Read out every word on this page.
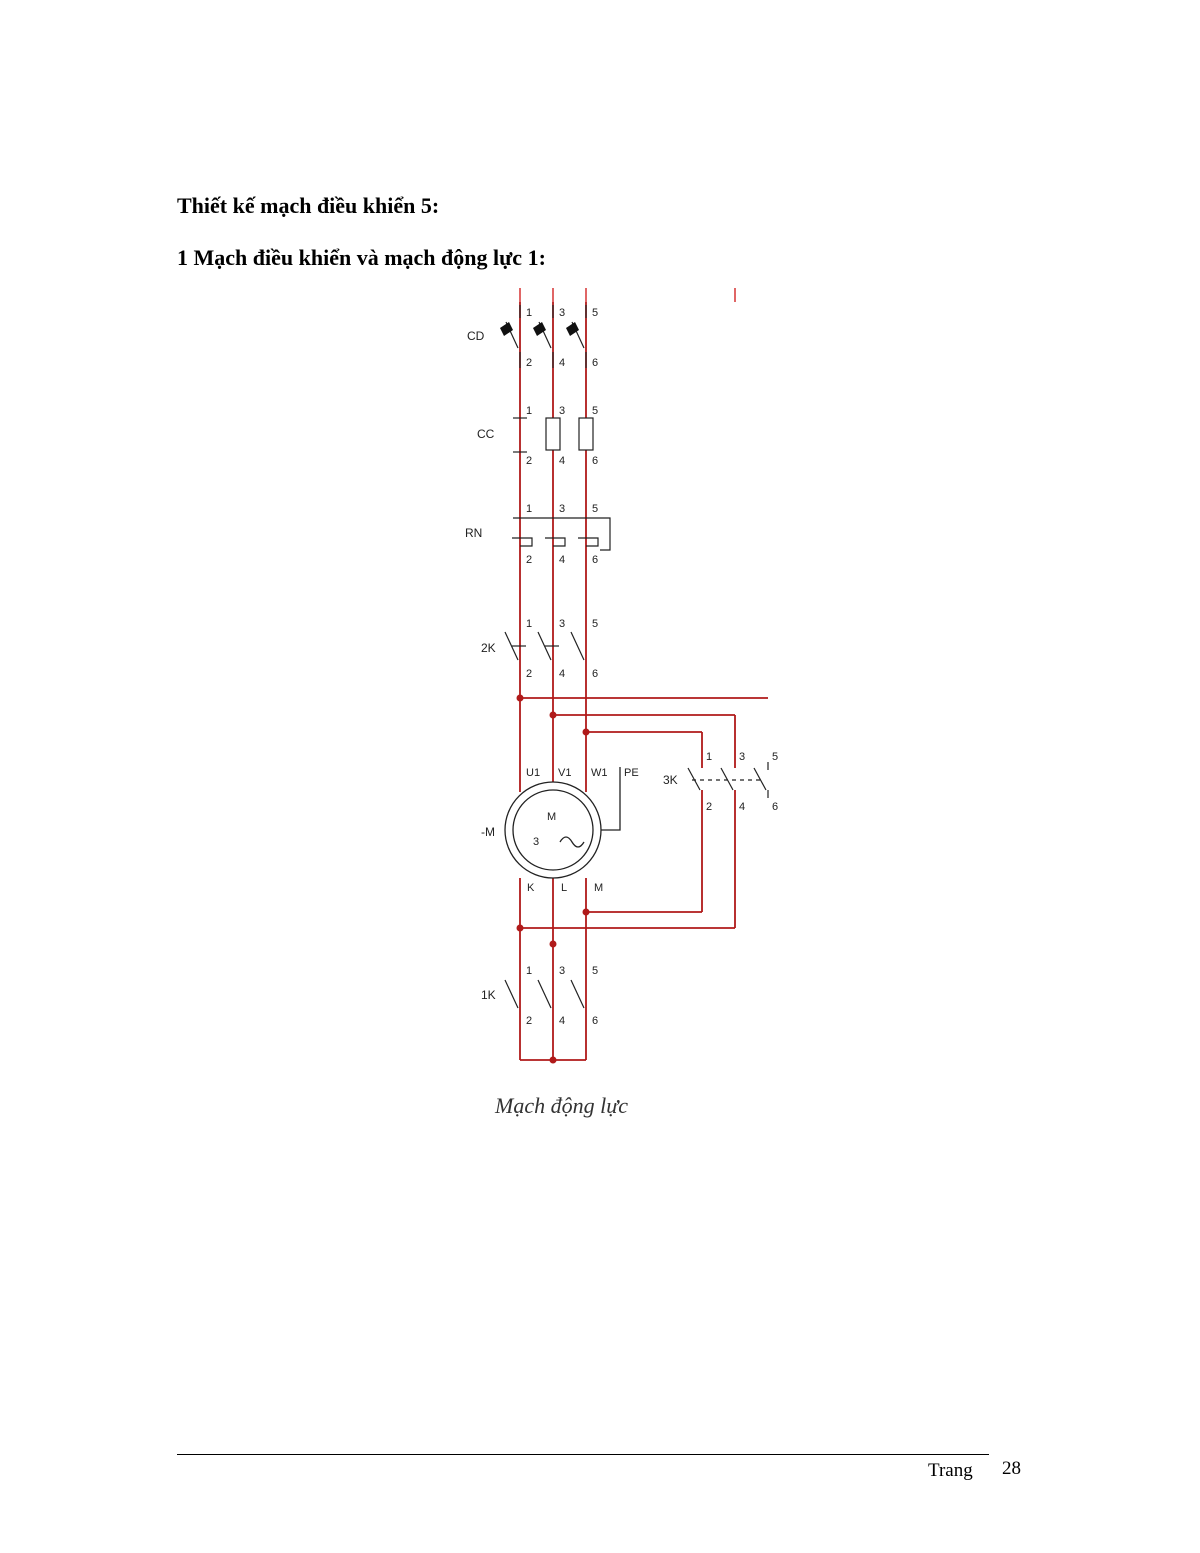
Thiết kế mạch điều khiển 5:
1 Mạch điều khiển và mạch động lực 1:
CD
CC
RN
2K
3K
1K
-M
M
3
U1 V1 W1 PE
K L M
1 3 5
2 4 6
1 3 5
2 4 6
1 3 5
2 4 6
1 3 5
2 4 6
1 3 5
2 4 6
1 3 5
2 4 6
Mạch động lực
Trang 28
